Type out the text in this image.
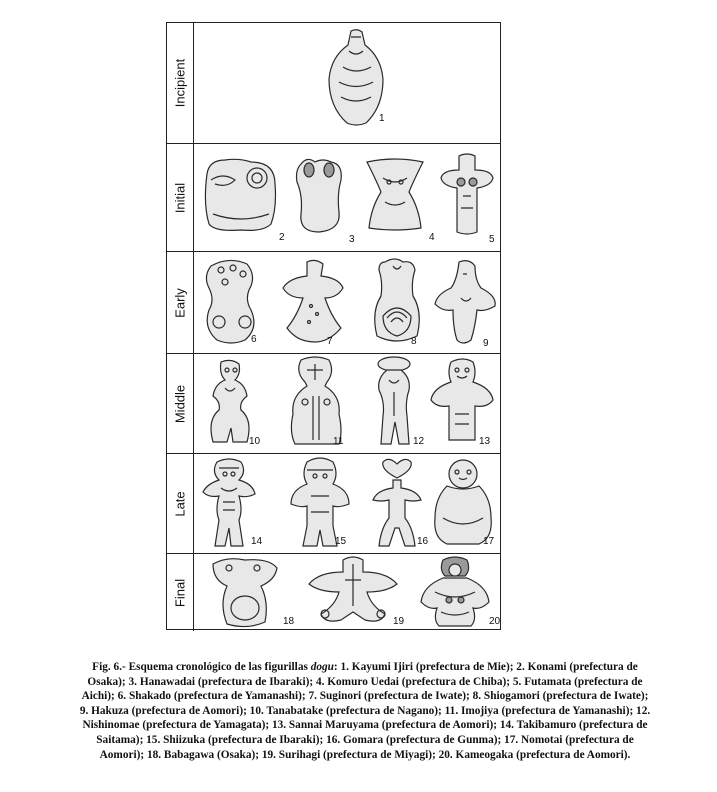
Incipient
1
Initial
2	3	4	5
Early
6	7	8	9
Middle
10	11	12	13
Late
14	15	16	17
Final
18	19	20
Fig. 6.- Esquema cronológico de las figurillas dogu: 1. Kayumi Ijiri (prefectura de Mie); 2. Konami (prefectura de Osaka); 3. Hanawadai (prefectura de Ibaraki); 4. Komuro Uedai (prefectura de Chiba); 5. Futamata (prefectura de Aichi); 6. Shakado (prefectura de Yamanashi); 7. Suginori (prefectura de Iwate); 8. Shiogamori (prefectura de Iwate); 9. Hakuza (prefectura de Aomori); 10. Tanabatake (prefectura de Nagano); 11. Imojiya (prefectura de Yamanashi); 12. Nishinomae (prefectura de Yamagata); 13. Sannai Maruyama (prefectura de Aomori); 14. Takibamuro (prefectura de Saitama); 15. Shiizuka (prefectura de Ibaraki); 16. Gomara (prefectura de Gunma); 17. Nomotai (prefectura de Aomori); 18. Babagawa (Osaka); 19. Surihagi (prefectura de Miyagi); 20. Kameogaka (prefectura de Aomori).
